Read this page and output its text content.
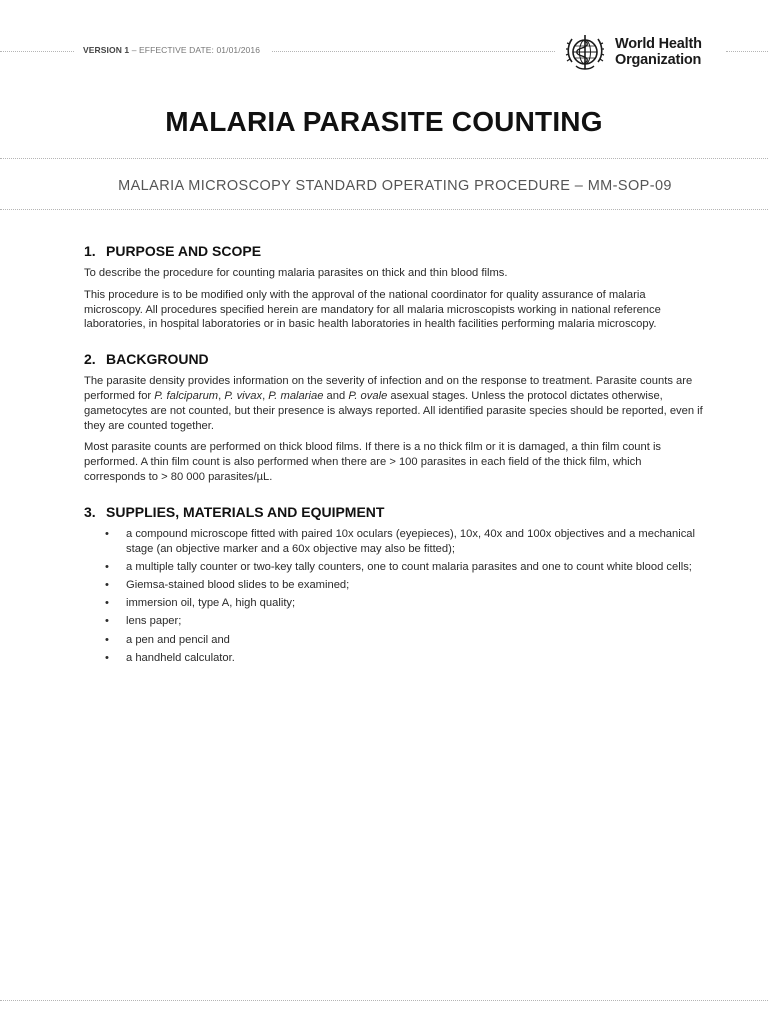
VERSION 1 – EFFECTIVE DATE: 01/01/2016	World Health
Organization
MALARIA PARASITE COUNTING
MALARIA MICROSCOPY STANDARD OPERATING PROCEDURE – MM-SOP-09
1. PURPOSE AND SCOPE

To describe the procedure for counting malaria parasites on thick and thin blood films.

This procedure is to be modified only with the approval of the national coordinator for quality assurance of malaria microscopy. All procedures specified herein are mandatory for all malaria microscopists working in national reference laboratories, in hospital laboratories or in basic health laboratories in health facilities performing malaria microscopy.

2. BACKGROUND

The parasite density provides information on the severity of infection and on the response to treatment. Parasite counts are performed for P. falciparum, P. vivax, P. malariae and P. ovale asexual stages. Unless the protocol dictates otherwise, gametocytes are not counted, but their presence is always reported. All identified parasite species should be reported, even if they are counted together.

Most parasite counts are performed on thick blood films. If there is a no thick film or it is damaged, a thin film count is performed. A thin film count is also performed when there are > 100 parasites in each field of the thick film, which corresponds to > 80 000 parasites/µL.

3. SUPPLIES, MATERIALS AND EQUIPMENT
• a compound microscope fitted with paired 10x oculars (eyepieces), 10x, 40x and 100x objectives and a mechanical stage (an objective marker and a 60x objective may also be fitted);
• a multiple tally counter or two-key tally counters, one to count malaria parasites and one to count white blood cells;
• Giemsa-stained blood slides to be examined;
• immersion oil, type A, high quality;
• lens paper;
• a pen and pencil and
• a handheld calculator.
